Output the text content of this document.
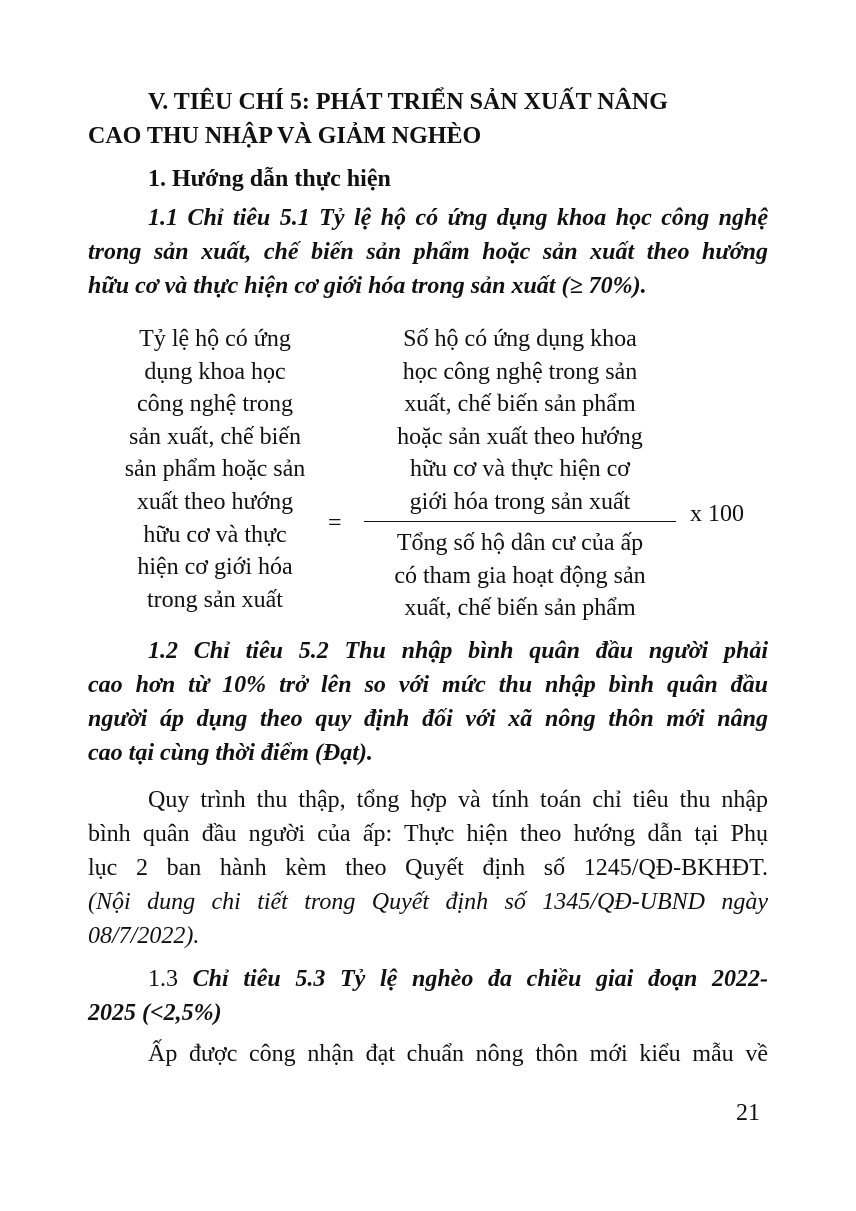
V. TIÊU CHÍ 5: PHÁT TRIỂN SẢN XUẤT NÂNG
CAO THU NHẬP VÀ GIẢM NGHÈO
1. Hướng dẫn thực hiện

1.1 Chỉ tiêu 5.1 Tỷ lệ hộ có ứng dụng khoa học công nghệ
trong sản xuất, chế biến sản phẩm hoặc sản xuất theo hướng
hữu cơ và thực hiện cơ giới hóa trong sản xuất (≥ 70%).

Tỷ lệ hộ có ứng
dụng khoa học
công nghệ trong
sản xuất, chế biến
sản phẩm hoặc sản
xuất theo hướng
hữu cơ và thực
hiện cơ giới hóa
trong sản xuất
=
Số hộ có ứng dụng khoa
học công nghệ trong sản
xuất, chế biến sản phẩm
hoặc sản xuất theo hướng
hữu cơ và thực hiện cơ
giới hóa trong sản xuất
Tổng số hộ dân cư của ấp
có tham gia hoạt động sản
xuất, chế biến sản phẩm
x 100

1.2 Chỉ tiêu 5.2 Thu nhập bình quân đầu người phải
cao hơn từ 10% trở lên so với mức thu nhập bình quân đầu
người áp dụng theo quy định đối với xã nông thôn mới nâng
cao tại cùng thời điểm (Đạt).

Quy trình thu thập, tổng hợp và tính toán chỉ tiêu thu nhập
bình quân đầu người của ấp: Thực hiện theo hướng dẫn tại Phụ
lục 2 ban hành kèm theo Quyết định số 1245/QĐ-BKHĐT.
(Nội dung chi tiết trong Quyết định số 1345/QĐ-UBND ngày
08/7/2022).

1.3 Chỉ tiêu 5.3 Tỷ lệ nghèo đa chiều giai đoạn 2022-
2025 (<2,5%)

Ấp được công nhận đạt chuẩn nông thôn mới kiểu mẫu về

21
